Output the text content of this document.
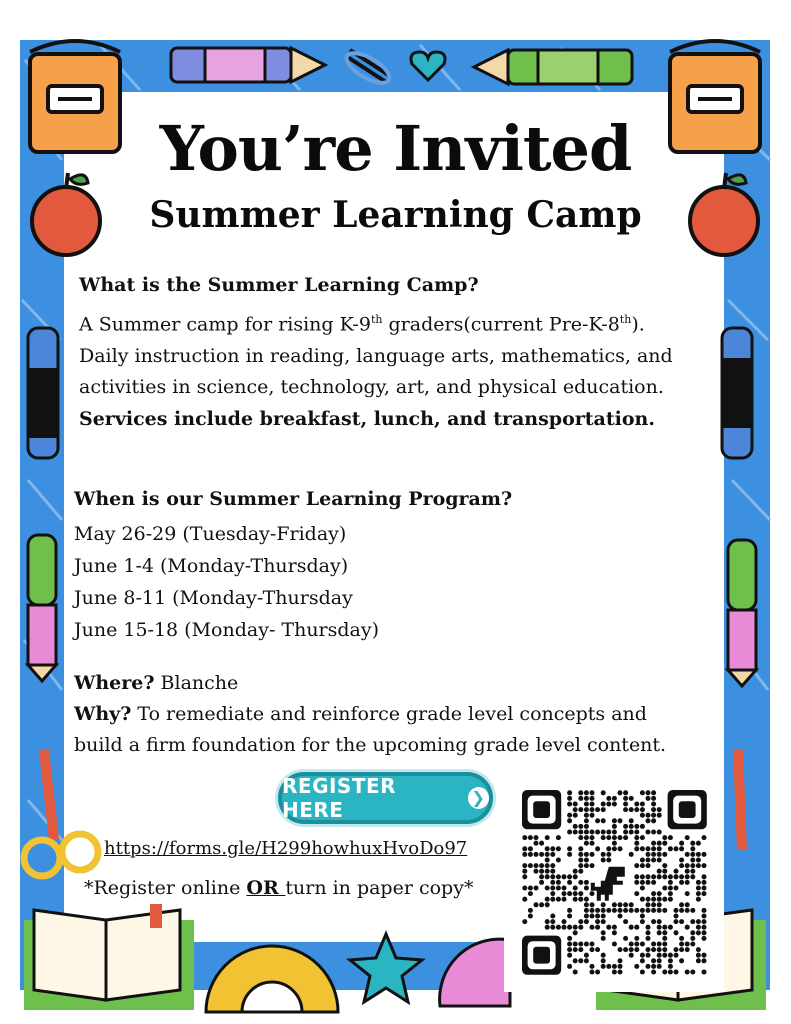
You’re Invited
Summer Learning Camp
What is the Summer Learning Camp?
A Summer camp for rising K-9th graders(current Pre-K-8th).
Daily instruction in reading, language arts, mathematics, and activities in science, technology, art, and physical education. Services include breakfast, lunch, and transportation.
When is our Summer Learning Program?
May 26-29 (Tuesday-Friday)
June 1-4 (Monday-Thursday)
June 8-11 (Monday-Thursday
June 15-18 (Monday- Thursday)
Where? Blanche
Why? To remediate and reinforce grade level concepts and build a firm foundation for the upcoming grade level content.
REGISTER HERE
❯
https://forms.gle/H299howhuxHvoDo97
*Register online OR turn in paper copy*
